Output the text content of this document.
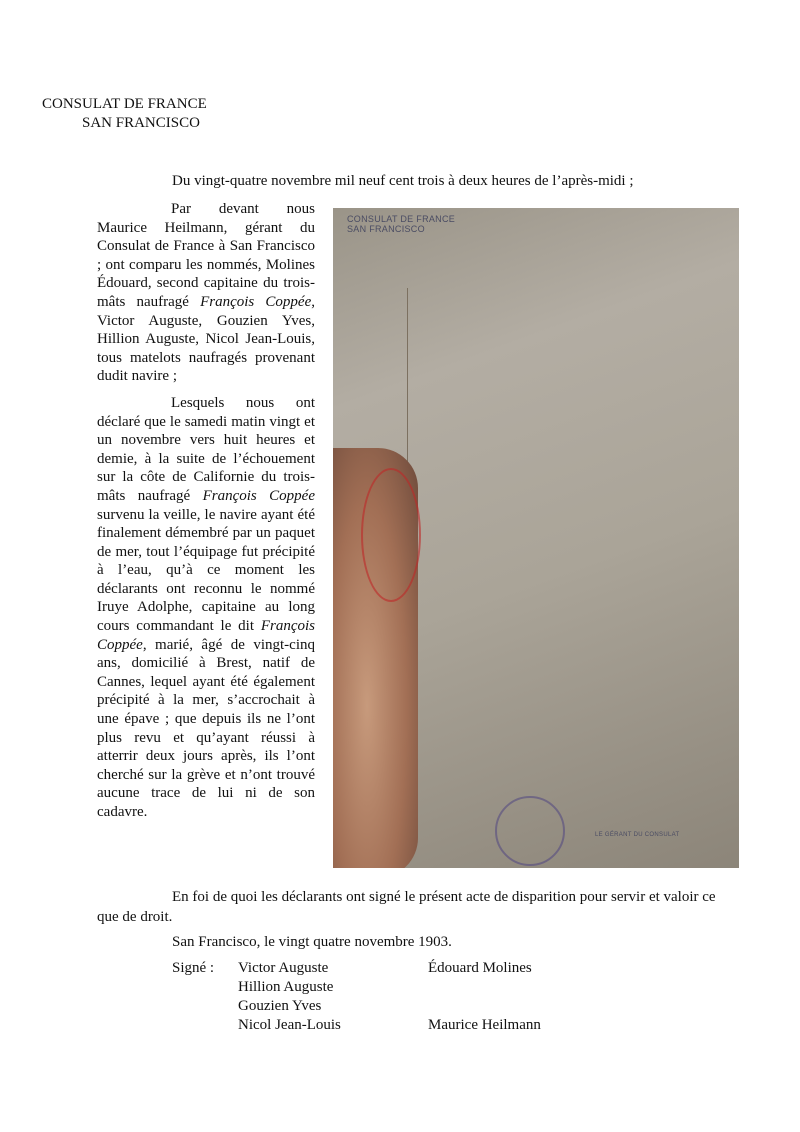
CONSULAT DE FRANCE
SAN FRANCISCO
Du vingt-quatre novembre mil neuf cent trois à deux heures de l’après-midi ;

Par devant nous Maurice Heilmann, gérant du Consulat de France à San Francisco ; ont comparu les nommés, Molines Édouard, second capitaine du trois-mâts naufragé François Coppée, Victor Auguste, Gouzien Yves, Hillion Auguste, Nicol Jean-Louis, tous matelots naufragés provenant dudit navire ;

Lesquels nous ont déclaré que le samedi matin vingt et un novembre vers huit heures et demie, à la suite de l’échouement sur la côte de Californie du trois-mâts naufragé François Coppée survenu la veille, le navire ayant été finalement démembré par un paquet de mer, tout l’équipage fut précipité à l’eau, qu’à ce moment les déclarants ont reconnu le nommé Iruye Adolphe, capitaine au long cours commandant le dit François Coppée, marié, âgé de vingt-cinq ans, domicilié à Brest, natif de Cannes, lequel ayant été également précipité à la mer, s’accrochait à une épave ; que depuis ils ne l’ont plus revu et qu’ayant réussi à atterrir deux jours après, ils l’ont cherché sur la grève et n’ont trouvé aucune trace de lui ni de son cadavre.

CONSULAT DE FRANCE
SAN FRANCISCO
LE GÉRANT DU CONSULAT
En foi de quoi les déclarants ont signé le présent acte de disparition pour servir et valoir ce que de droit.
San Francisco, le vingt quatre novembre 1903.
Signé : Victor Auguste
Hillion Auguste
Gouzien Yves
Nicol Jean-Louis
Édouard Molines
Maurice Heilmann
